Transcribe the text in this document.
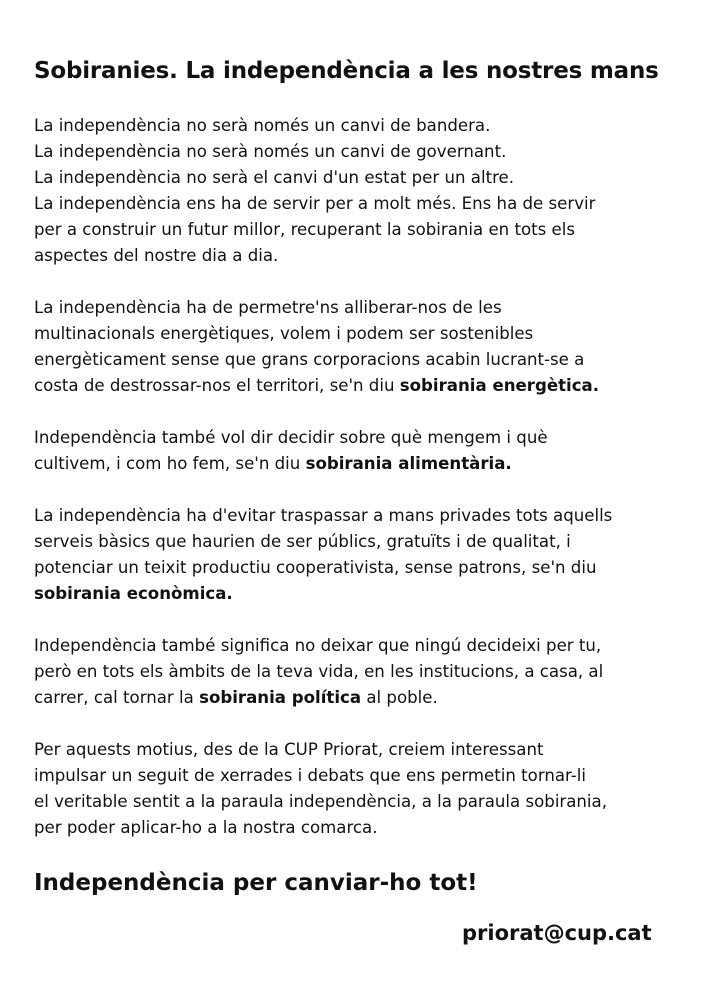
Sobiranies. La independència a les nostres mans

La independència no serà només un canvi de bandera.
La independència no serà només un canvi de governant.
La independència no serà el canvi d'un estat per un altre.
La independència ens ha de servir per a molt més. Ens ha de servir
per a construir un futur millor, recuperant la sobirania en tots els
aspectes del nostre dia a dia.

La independència ha de permetre'ns alliberar-nos de les
multinacionals energètiques, volem i podem ser sostenibles
energèticament sense que grans corporacions acabin lucrant-se a
costa de destrossar-nos el territori, se'n diu sobirania energètica.

Independència també vol dir decidir sobre què mengem i què
cultivem, i com ho fem, se'n diu sobirania alimentària.

La independència ha d'evitar traspassar a mans privades tots aquells
serveis bàsics que haurien de ser públics, gratuïts i de qualitat, i
potenciar un teixit productiu cooperativista, sense patrons, se'n diu
sobirania econòmica.

Independència també significa no deixar que ningú decideixi per tu,
però en tots els àmbits de la teva vida, en les institucions, a casa, al
carrer, cal tornar la sobirania política al poble.

Per aquests motius, des de la CUP Priorat, creiem interessant
impulsar un seguit de xerrades i debats que ens permetin tornar-li
el veritable sentit a la paraula independència, a la paraula sobirania,
per poder aplicar-ho a la nostra comarca.

Independència per canviar-ho tot!
priorat@cup.cat
